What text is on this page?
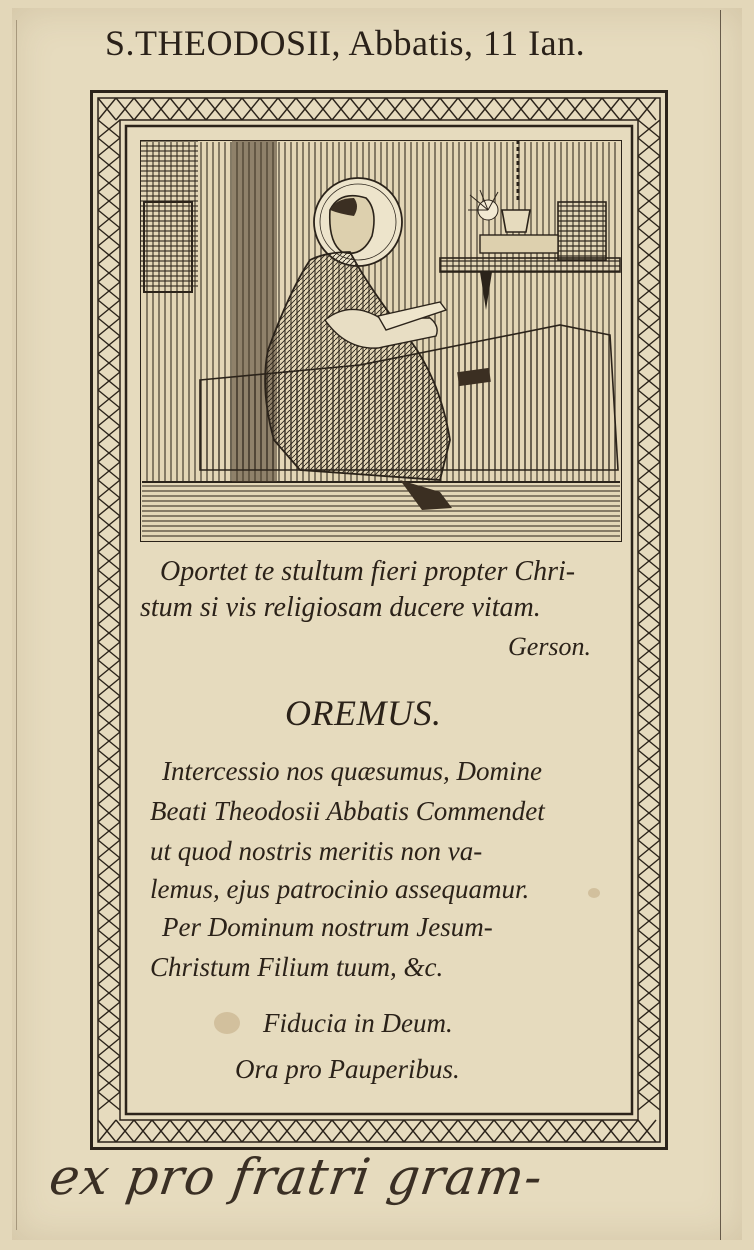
S.THEODOSII, Abbatis, 11 Ian.
Oportet te stultum fieri propter Chri-
stum si vis religiosam ducere vitam.
Gerson.
OREMUS.
Intercessio nos quæsumus, Domine
Beati Theodosii Abbatis Commendet
ut quod nostris meritis non va-
lemus, ejus patrocinio assequamur.
Per Dominum nostrum Jesum-
Christum Filium tuum, &c.
Fiducia in Deum.
Ora pro Pauperibus.
ex pro fratri gram-
